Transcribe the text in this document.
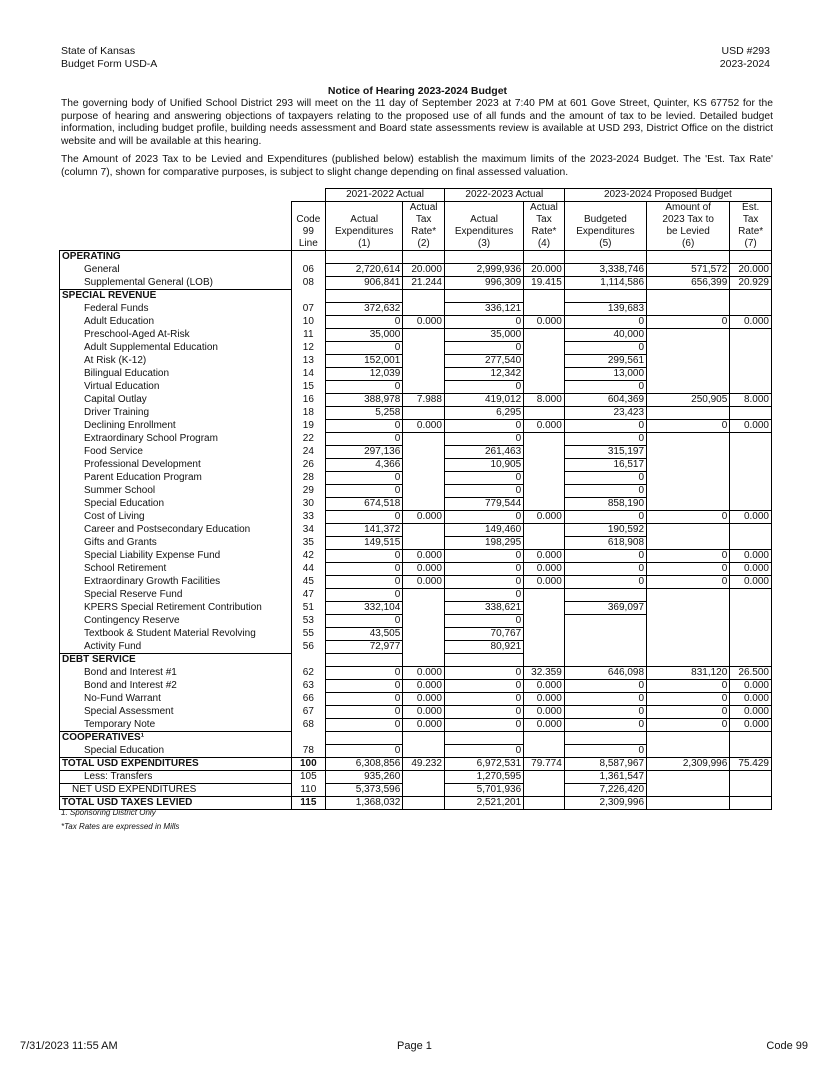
State of Kansas
Budget Form USD-A
USD #293
2023-2024
Notice of Hearing 2023-2024 Budget
The governing body of Unified School District 293 will meet on the 11 day of September 2023 at 7:40 PM at 601 Gove Street, Quinter, KS 67752 for the purpose of hearing and answering objections of taxpayers relating to the proposed use of all funds and the amount of tax to be levied. Detailed budget information, including budget profile, building needs assessment and Board state assessments review is available at USD 293, District Office on the district website and will be available at this hearing.
The Amount of 2023 Tax to be Levied and Expenditures (published below) establish the maximum limits of the 2023-2024 Budget. The 'Est. Tax Rate' (column 7), shown for comparative purposes, is subject to slight change depending on final assessed valuation.
		2021-2022 Actual		2022-2023 Actual		2023-2024 Proposed Budget		
			Actual		Actual		Amount of	Est.
	Code	Actual	Tax	Actual	Tax	Budgeted	2023 Tax to	Tax
	99	Expenditures	Rate*	Expenditures	Rate*	Expenditures	be Levied	Rate*
	Line	(1)	(2)	(3)	(4)	(5)	(6)	(7)
OPERATING								
General	06	2,720,614	20.000	2,999,936	20.000	3,338,746	571,572	20.000
Supplemental General (LOB)	08	906,841	21.244	996,309	19.415	1,114,586	656,399	20.929
SPECIAL REVENUE								
Federal Funds	07	372,632		336,121		139,683		
Adult Education	10	0	0.000	0	0.000	0	0	0.000
Preschool-Aged At-Risk	11	35,000		35,000		40,000		
Adult Supplemental Education	12	0		0		0		
At Risk (K-12)	13	152,001		277,540		299,561		
Bilingual Education	14	12,039		12,342		13,000		
Virtual Education	15	0		0		0		
Capital Outlay	16	388,978	7.988	419,012	8.000	604,369	250,905	8.000
Driver Training	18	5,258		6,295		23,423		
Declining Enrollment	19	0	0.000	0	0.000	0	0	0.000
Extraordinary School Program	22	0		0		0		
Food Service	24	297,136		261,463		315,197		
Professional Development	26	4,366		10,905		16,517		
Parent Education Program	28	0		0		0		
Summer School	29	0		0		0		
Special Education	30	674,518		779,544		858,190		
Cost of Living	33	0	0.000	0	0.000	0	0	0.000
Career and Postsecondary Education	34	141,372		149,460		190,592		
Gifts and Grants	35	149,515		198,295		618,908		
Special Liability Expense Fund	42	0	0.000	0	0.000	0	0	0.000
School Retirement	44	0	0.000	0	0.000	0	0	0.000
Extraordinary Growth Facilities	45	0	0.000	0	0.000	0	0	0.000
Special Reserve Fund	47	0		0				
KPERS Special Retirement Contribution	51	332,104		338,621		369,097		
Contingency Reserve	53	0		0				
Textbook & Student Material Revolving	55	43,505		70,767				
Activity Fund	56	72,977		80,921				
DEBT SERVICE								
Bond and Interest #1	62	0	0.000	0	32.359	646,098	831,120	26.500
Bond and Interest #2	63	0	0.000	0	0.000	0	0	0.000
No-Fund Warrant	66	0	0.000	0	0.000	0	0	0.000
Special Assessment	67	0	0.000	0	0.000	0	0	0.000
Temporary Note	68	0	0.000	0	0.000	0	0	0.000
COOPERATIVES¹								
Special Education	78	0		0		0		
TOTAL USD EXPENDITURES	100	6,308,856	49.232	6,972,531	79.774	8,587,967	2,309,996	75.429
Less: Transfers	105	935,260		1,270,595		1,361,547		
NET USD EXPENDITURES	110	5,373,596		5,701,936		7,226,420		
TOTAL USD TAXES LEVIED	115	1,368,032		2,521,201		2,309,996		
1. Sponsoring District Only
*Tax Rates are expressed in Mills
7/31/2023 11:55 AM	Page 1	Code 99
